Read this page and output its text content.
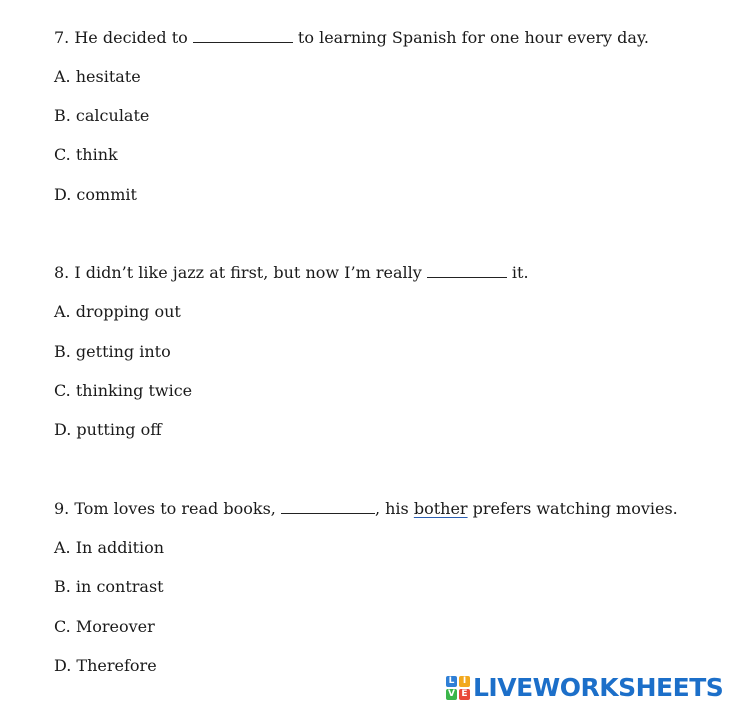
7. He decided to	to learning Spanish for one hour every day.
A. hesitate
B. calculate
C. think
D. commit
8. I didn’t like jazz at first, but now I’m really	it.
A. dropping out
B. getting into
C. thinking twice
D. putting off
9. Tom loves to read books,	, his bother prefers watching movies.
A. In addition
B. in contrast
C. Moreover
D. Therefore
L I
V E LIVEWORKSHEETS
